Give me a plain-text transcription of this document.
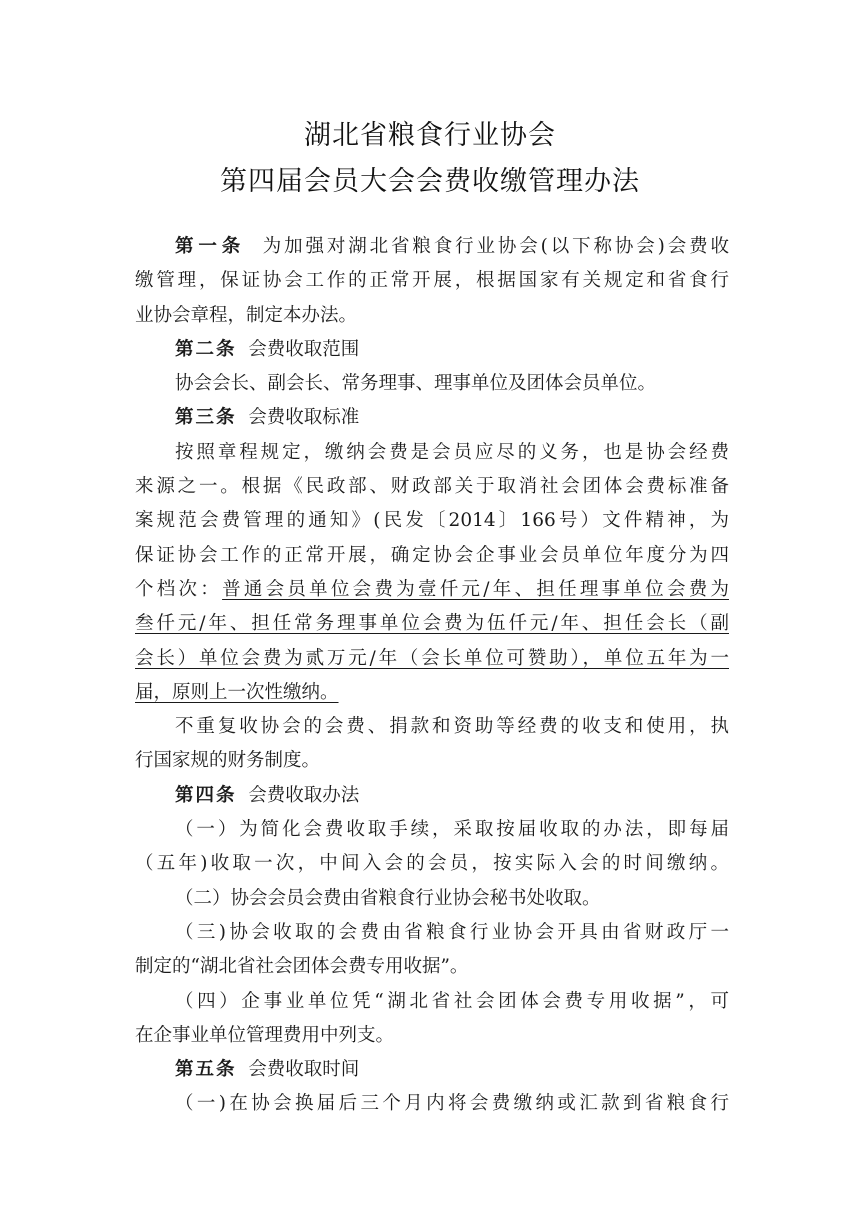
湖北省粮食行业协会
第四届会员大会会费收缴管理办法
第一条 为加强对湖北省粮食行业协会(以下称协会)会费收
缴管理，保证协会工作的正常开展，根据国家有关规定和省食行
业协会章程，制定本办法。
第二条 会费收取范围
协会会长、副会长、常务理事、理事单位及团体会员单位。
第三条 会费收取标准
按照章程规定，缴纳会费是会员应尽的义务，也是协会经费
来源之一。根据《民政部、财政部关于取消社会团体会费标准备
案规范会费管理的通知》(民发〔2014〕166号）文件精神，为
保证协会工作的正常开展，确定协会企事业会员单位年度分为四
个档次：普通会员单位会费为壹仟元/年、担任理事单位会费为
叁仟元/年、担任常务理事单位会费为伍仟元/年、担任会长（副
会长）单位会费为贰万元/年（会长单位可赞助），单位五年为一
届，原则上一次性缴纳。
不重复收协会的会费、捐款和资助等经费的收支和使用，执
行国家规的财务制度。
第四条 会费收取办法
（一）为简化会费收取手续，采取按届收取的办法，即每届
（五年)收取一次，中间入会的会员，按实际入会的时间缴纳。
（二）协会会员会费由省粮食行业协会秘书处收取。
（三)协会收取的会费由省粮食行业协会开具由省财政厅一
制定的“湖北省社会团体会费专用收据”。
（四）企事业单位凭“湖北省社会团体会费专用收据”，可
在企事业单位管理费用中列支。
第五条 会费收取时间
（一)在协会换届后三个月内将会费缴纳或汇款到省粮食行
